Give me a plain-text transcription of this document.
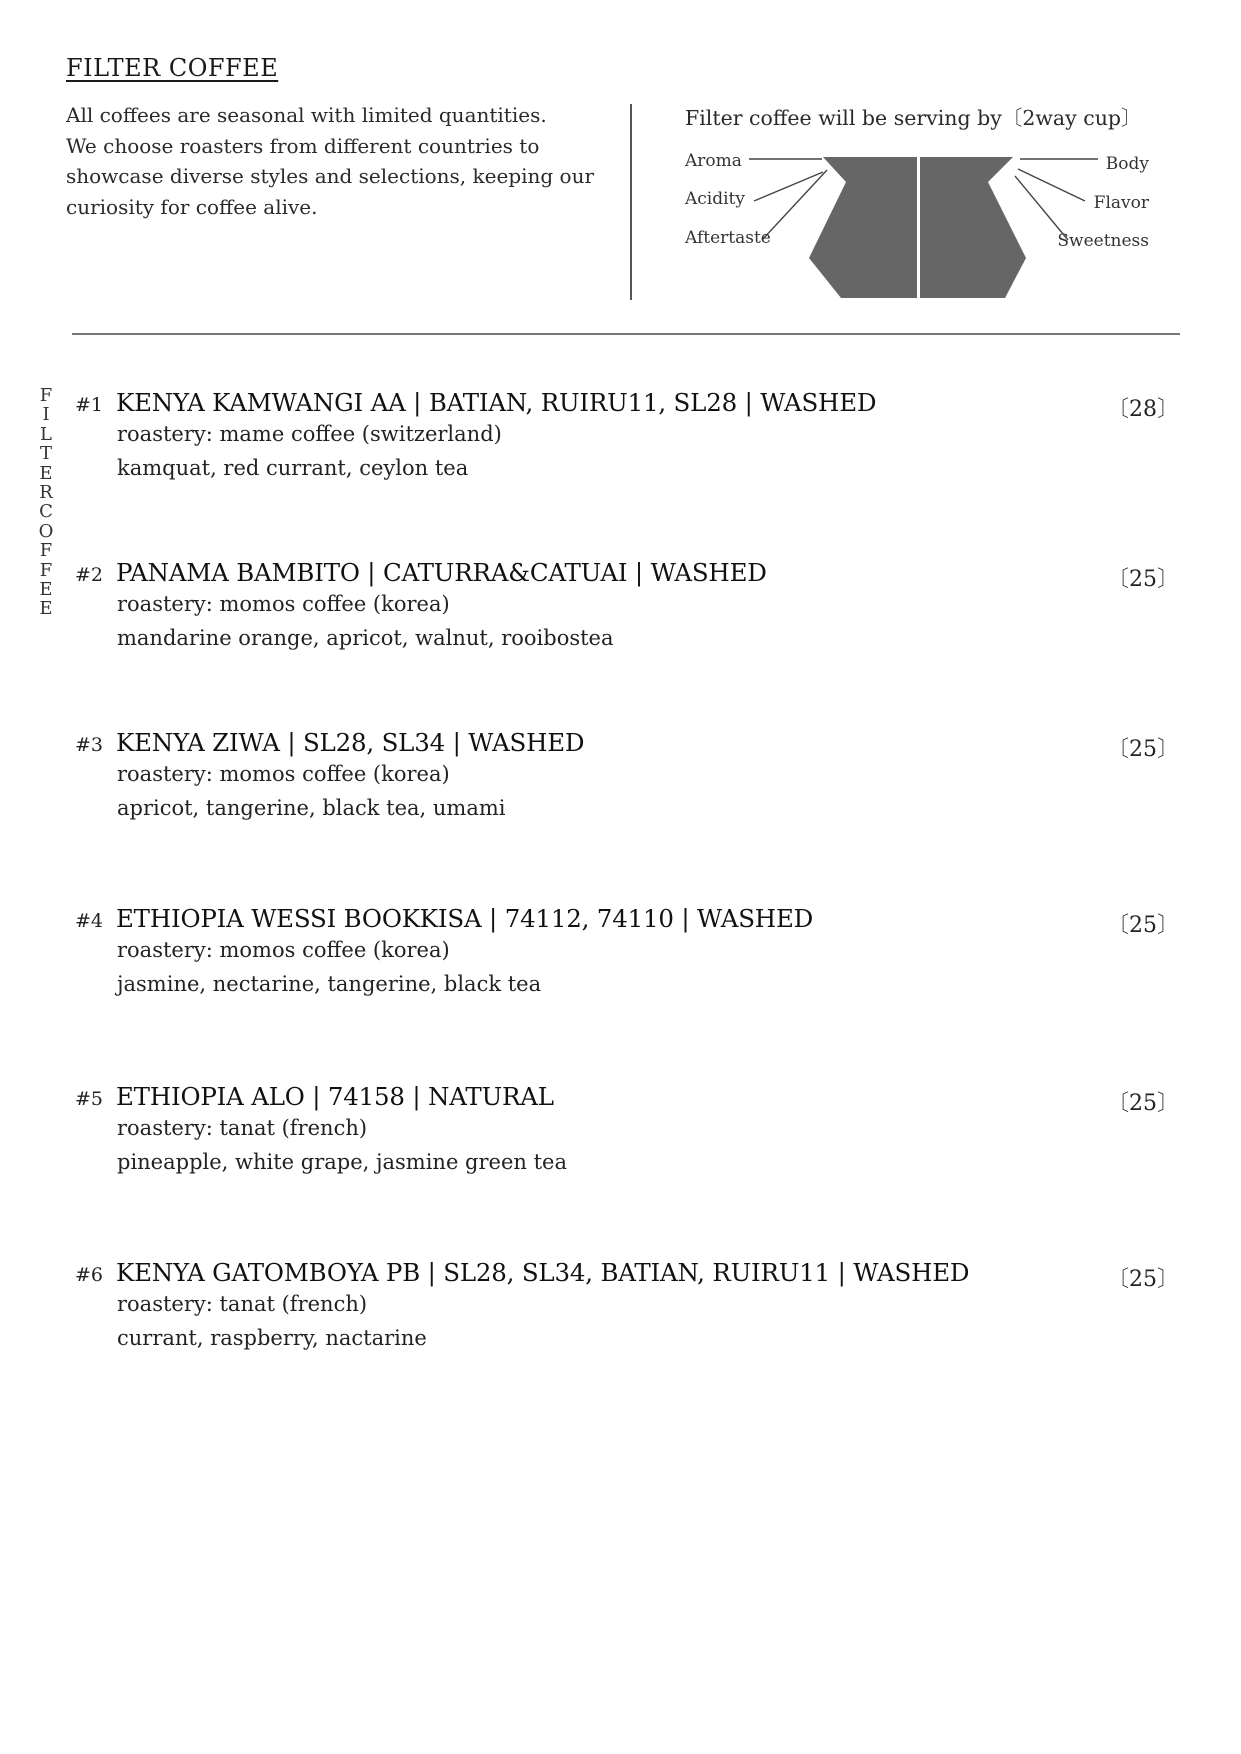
FILTER COFFEE
All coffees are seasonal with limited quantities.
We choose roasters from different countries to
showcase diverse styles and selections, keeping our
curiosity for coffee alive.
Filter coffee will be serving by〔2way cup〕
Aroma
Acidity
Aftertaste
Body
Flavor
Sweetness
F
I
L
T
E
R
C
O
F
F
E
E
#1 KENYA KAMWANGI AA | BATIAN, RUIRU11, SL28 | WASHED
roastery: mame coffee (switzerland)
kamquat, red currant, ceylon tea
〔28〕
#2 PANAMA BAMBITO | CATURRA&CATUAI | WASHED
roastery: momos coffee (korea)
mandarine orange, apricot, walnut, rooibostea
〔25〕
#3 KENYA ZIWA | SL28, SL34 | WASHED
roastery: momos coffee (korea)
apricot, tangerine, black tea, umami
〔25〕
#4 ETHIOPIA WESSI BOOKKISA | 74112, 74110 | WASHED
roastery: momos coffee (korea)
jasmine, nectarine, tangerine, black tea
〔25〕
#5 ETHIOPIA ALO | 74158 | NATURAL
roastery: tanat (french)
pineapple, white grape, jasmine green tea
〔25〕
#6 KENYA GATOMBOYA PB | SL28, SL34, BATIAN, RUIRU11 | WASHED
roastery: tanat (french)
currant, raspberry, nactarine
〔25〕
